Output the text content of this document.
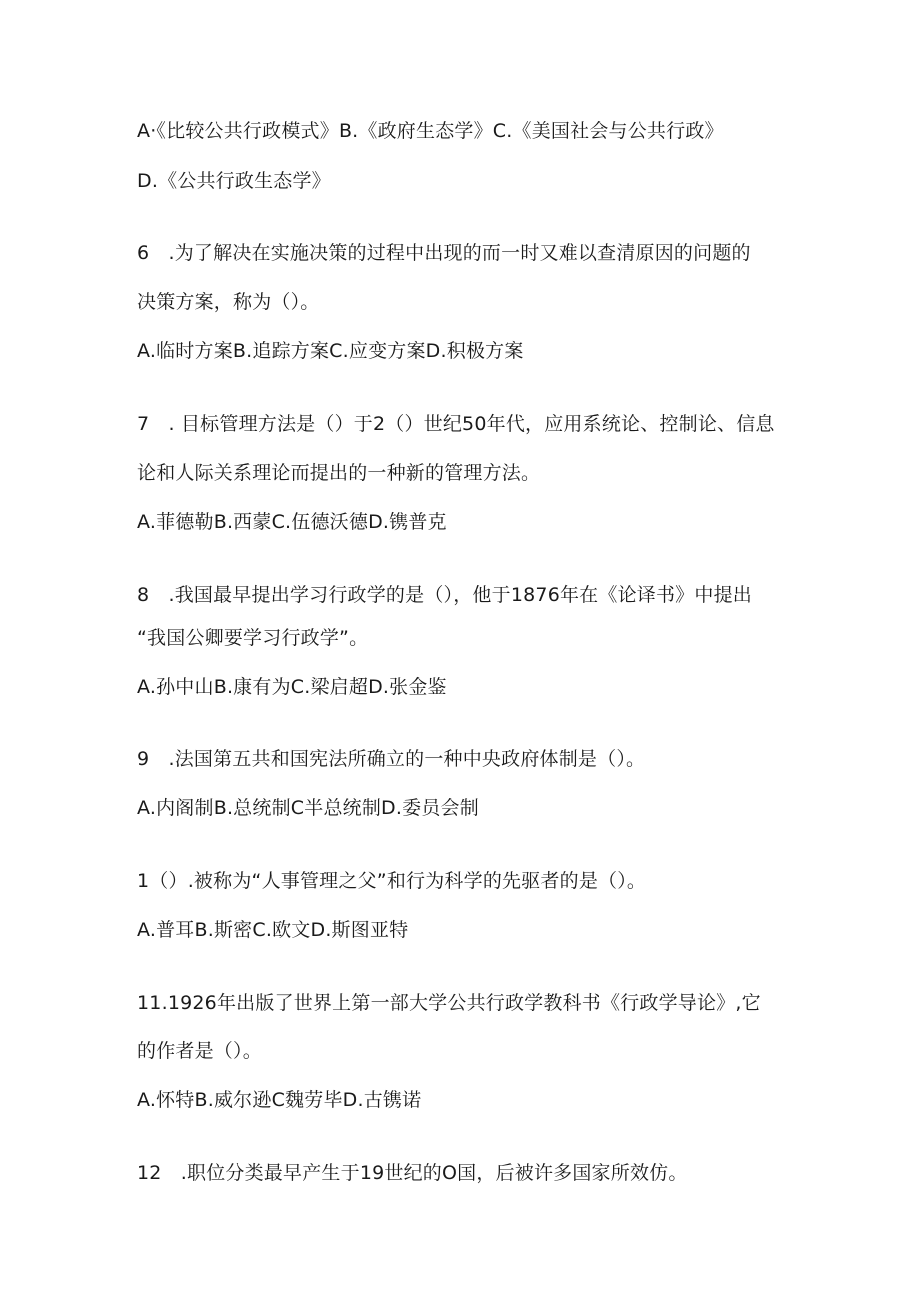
A·《比较公共行政模式》B.《政府生态学》C.《美国社会与公共行政》
D.《公共行政生态学》
6　.为了解决在实施决策的过程中出现的而一时又难以查清原因的问题的
决策方案，称为（）。
A.临时方案B.追踪方案C.应变方案D.积极方案
7　. 目标管理方法是（）于2（）世纪50年代，应用系统论、控制论、信息
论和人际关系理论而提出的一种新的管理方法。
A.菲德勒B.西蒙C.伍德沃德D.镌普克
8　.我国最早提出学习行政学的是（），他于1876年在《论译书》中提出
“我国公卿要学习行政学”。
A.孙中山B.康有为C.梁启超D.张金鉴
9　.法国第五共和国宪法所确立的一种中央政府体制是（）。
A.内阁制B.总统制C半总统制D.委员会制
1（）.被称为“人事管理之父”和行为科学的先驱者的是（）。
A.普耳B.斯密C.欧文D.斯图亚特
11.1926年出版了世界上第一部大学公共行政学教科书《行政学导论》,它
的作者是（）。
A.怀特B.威尔逊C魏劳毕D.古镌诺
12　.职位分类最早产生于19世纪的O国，后被许多国家所效仿。
